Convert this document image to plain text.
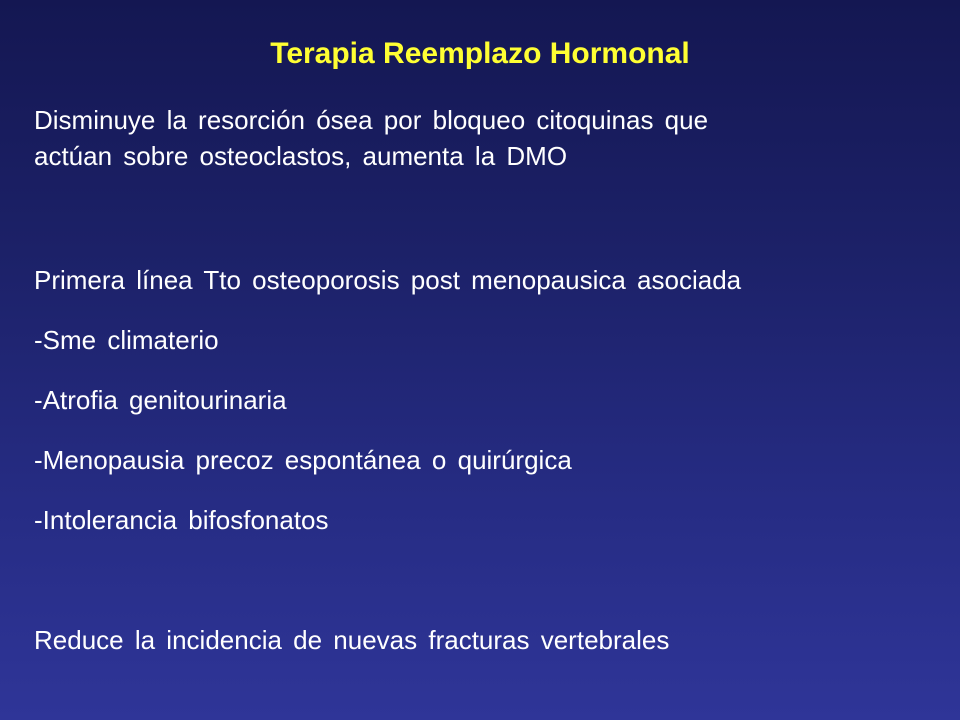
Terapia Reemplazo Hormonal
Disminuye la resorción ósea por bloqueo citoquinas que
actúan sobre osteoclastos, aumenta la DMO

Primera línea Tto osteoporosis post menopausica asociada

-Sme climaterio

-Atrofia genitourinaria

-Menopausia precoz espontánea o quirúrgica

-Intolerancia bifosfonatos

Reduce la incidencia de nuevas fracturas vertebrales
